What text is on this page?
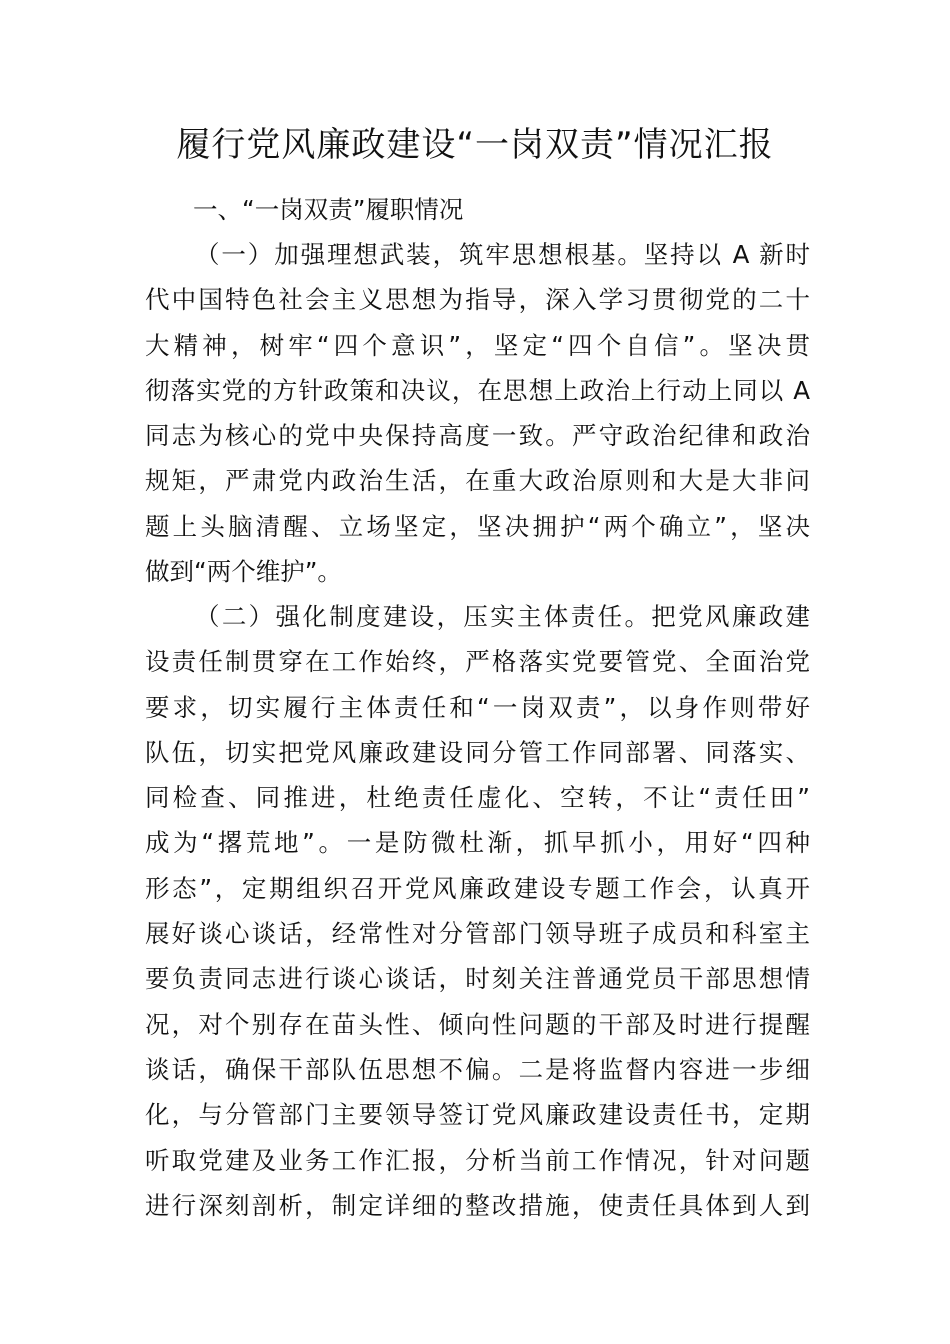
履行党风廉政建设“一岗双责”情况汇报
一、“一岗双责”履职情况
（一）加强理想武装，筑牢思想根基。坚持以 A 新时
代中国特色社会主义思想为指导，深入学习贯彻党的二十
大精神，树牢“四个意识”，坚定“四个自信”。坚决贯
彻落实党的方针政策和决议，在思想上政治上行动上同以 A
同志为核心的党中央保持高度一致。严守政治纪律和政治
规矩，严肃党内政治生活，在重大政治原则和大是大非问
题上头脑清醒、立场坚定，坚决拥护“两个确立”，坚决
做到“两个维护”。
（二）强化制度建设，压实主体责任。把党风廉政建
设责任制贯穿在工作始终，严格落实党要管党、全面治党
要求，切实履行主体责任和“一岗双责”，以身作则带好
队伍，切实把党风廉政建设同分管工作同部署、同落实、
同检查、同推进，杜绝责任虚化、空转，不让“责任田”
成为“撂荒地”。一是防微杜渐，抓早抓小，用好“四种
形态”，定期组织召开党风廉政建设专题工作会，认真开
展好谈心谈话，经常性对分管部门领导班子成员和科室主
要负责同志进行谈心谈话，时刻关注普通党员干部思想情
况，对个别存在苗头性、倾向性问题的干部及时进行提醒
谈话，确保干部队伍思想不偏。二是将监督内容进一步细
化，与分管部门主要领导签订党风廉政建设责任书，定期
听取党建及业务工作汇报，分析当前工作情况，针对问题
进行深刻剖析，制定详细的整改措施，使责任具体到人到
